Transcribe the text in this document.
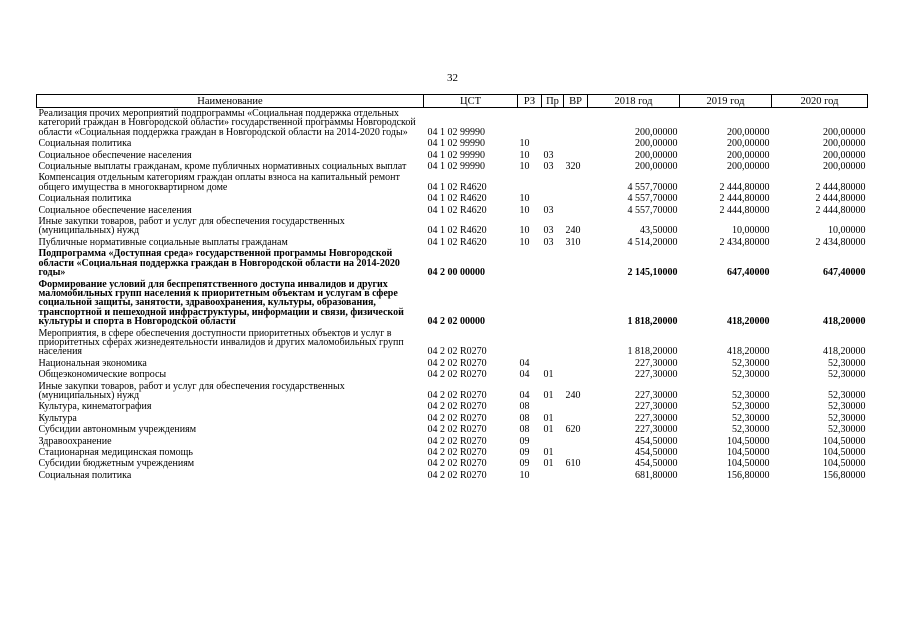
32
Наименование	ЦСТ	РЗ	Пр	ВР	2018 год	2019 год	2020 год
Реализация прочих мероприятий подпрограммы «Социальная поддержка отдельных категорий граждан в Новгородской области» государственной программы Новгородской области «Социальная поддержка граждан в Новгородской области на 2014-2020 годы»	04 1 02 99990				200,00000	200,00000	200,00000
Социальная политика	04 1 02 99990	10			200,00000	200,00000	200,00000
Социальное обеспечение населения	04 1 02 99990	10	03		200,00000	200,00000	200,00000
Социальные выплаты гражданам, кроме публичных нормативных социальных выплат	04 1 02 99990	10	03	320	200,00000	200,00000	200,00000
Компенсация отдельным категориям граждан оплаты взноса на капитальный ремонт общего имущества в многоквартирном доме	04 1 02 R4620				4 557,70000	2 444,80000	2 444,80000
Социальная политика	04 1 02 R4620	10			4 557,70000	2 444,80000	2 444,80000
Социальное обеспечение населения	04 1 02 R4620	10	03		4 557,70000	2 444,80000	2 444,80000
Иные закупки товаров, работ и услуг для обеспечения государственных (муниципальных) нужд	04 1 02 R4620	10	03	240	43,50000	10,00000	10,00000
Публичные нормативные социальные выплаты гражданам	04 1 02 R4620	10	03	310	4 514,20000	2 434,80000	2 434,80000
Подпрограмма «Доступная среда» государственной программы Новгородской области «Социальная поддержка граждан в Новгородской области на 2014-2020 годы»	04 2 00 00000				2 145,10000	647,40000	647,40000
Формирование условий для беспрепятственного доступа инвалидов и других маломобильных групп населения к приоритетным объектам и услугам в сфере социальной защиты, занятости, здравоохранения, культуры, образования, транспортной и пешеходной инфраструктуры, информации и связи, физической культуры и спорта в Новгородской области	04 2 02 00000				1 818,20000	418,20000	418,20000
Мероприятия, в сфере обеспечения доступности приоритетных объектов и услуг в приоритетных сферах жизнедеятельности инвалидов и других маломобильных групп населения	04 2 02 R0270				1 818,20000	418,20000	418,20000
Национальная экономика	04 2 02 R0270	04			227,30000	52,30000	52,30000
Общеэкономические вопросы	04 2 02 R0270	04	01		227,30000	52,30000	52,30000
Иные закупки товаров, работ и услуг для обеспечения государственных (муниципальных) нужд	04 2 02 R0270	04	01	240	227,30000	52,30000	52,30000
Культура, кинематография	04 2 02 R0270	08			227,30000	52,30000	52,30000
Культура	04 2 02 R0270	08	01		227,30000	52,30000	52,30000
Субсидии автономным учреждениям	04 2 02 R0270	08	01	620	227,30000	52,30000	52,30000
Здравоохранение	04 2 02 R0270	09			454,50000	104,50000	104,50000
Стационарная медицинская помощь	04 2 02 R0270	09	01		454,50000	104,50000	104,50000
Субсидии бюджетным учреждениям	04 2 02 R0270	09	01	610	454,50000	104,50000	104,50000
Социальная политика	04 2 02 R0270	10			681,80000	156,80000	156,80000
